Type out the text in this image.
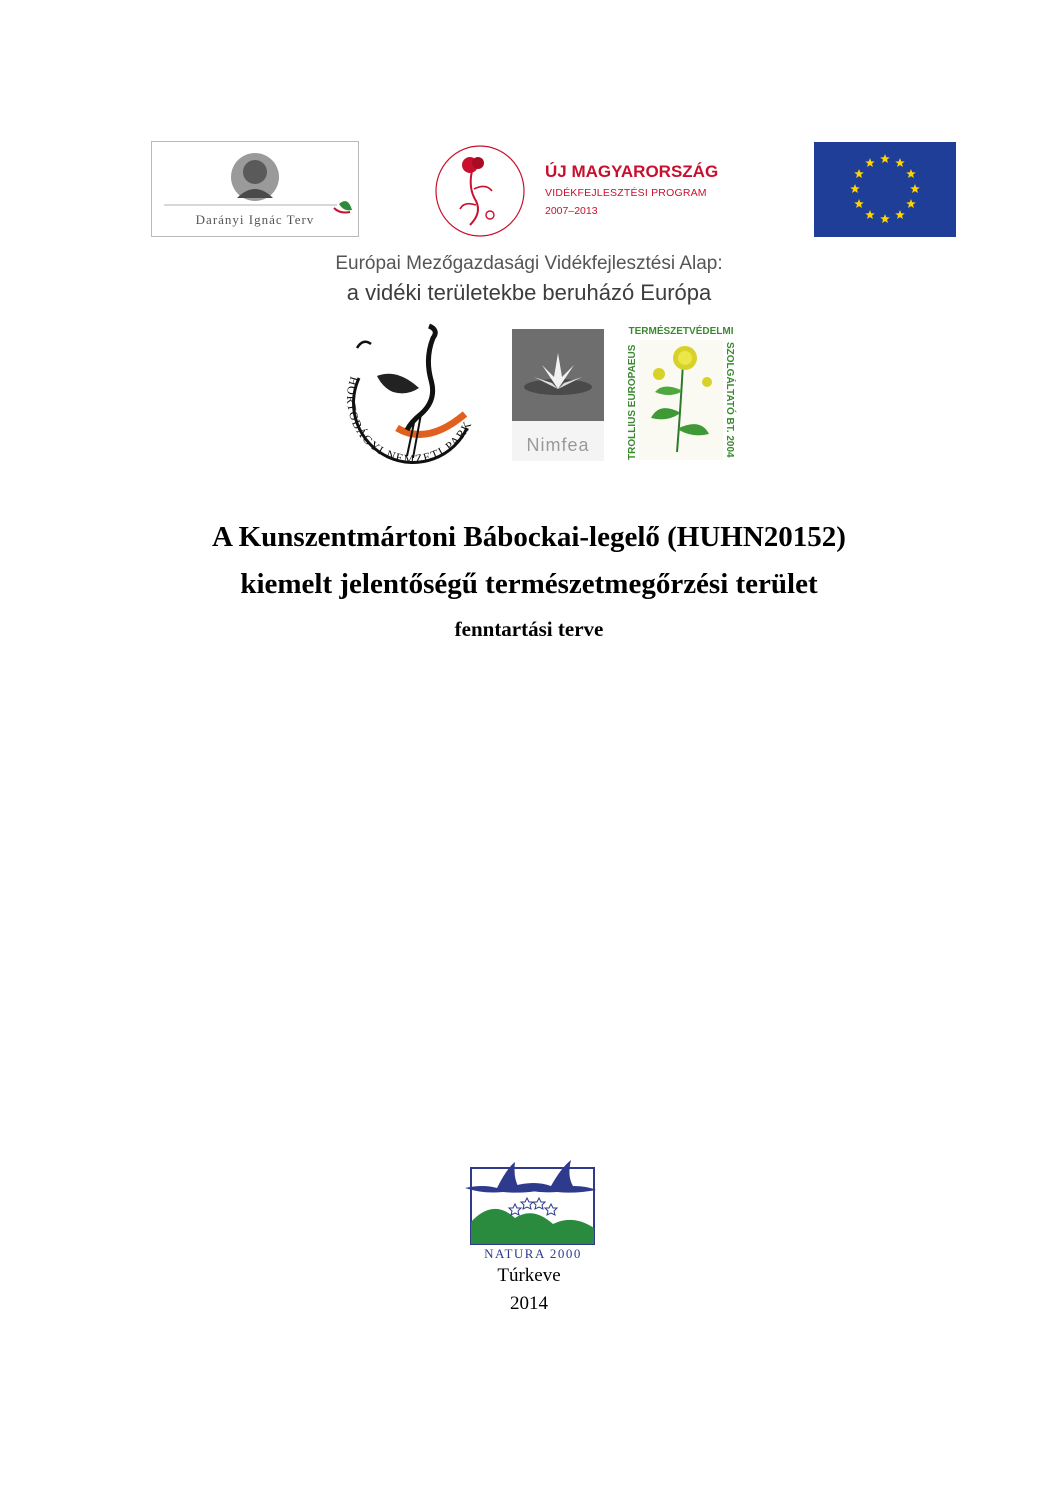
Darányi Ignác Terv
ÚJ MAGYARORSZÁG
VIDÉKFEJLESZTÉSI PROGRAM
2007–2013
Európai Mezőgazdasági Vidékfejlesztési Alap:
a vidéki területekbe beruházó Európa
HORTOBÁGYI NEMZETI PARK
Nimfea
TERMÉSZETVÉDELMI
TROLLIUS EUROPAEUS	SZOLGÁLTATÓ BT. 2004
A Kunszentmártoni Bábockai-legelő (HUHN20152)
kiemelt jelentőségű természetmegőrzési terület
fenntartási terve
NATURA 2000
Túrkeve
2014
